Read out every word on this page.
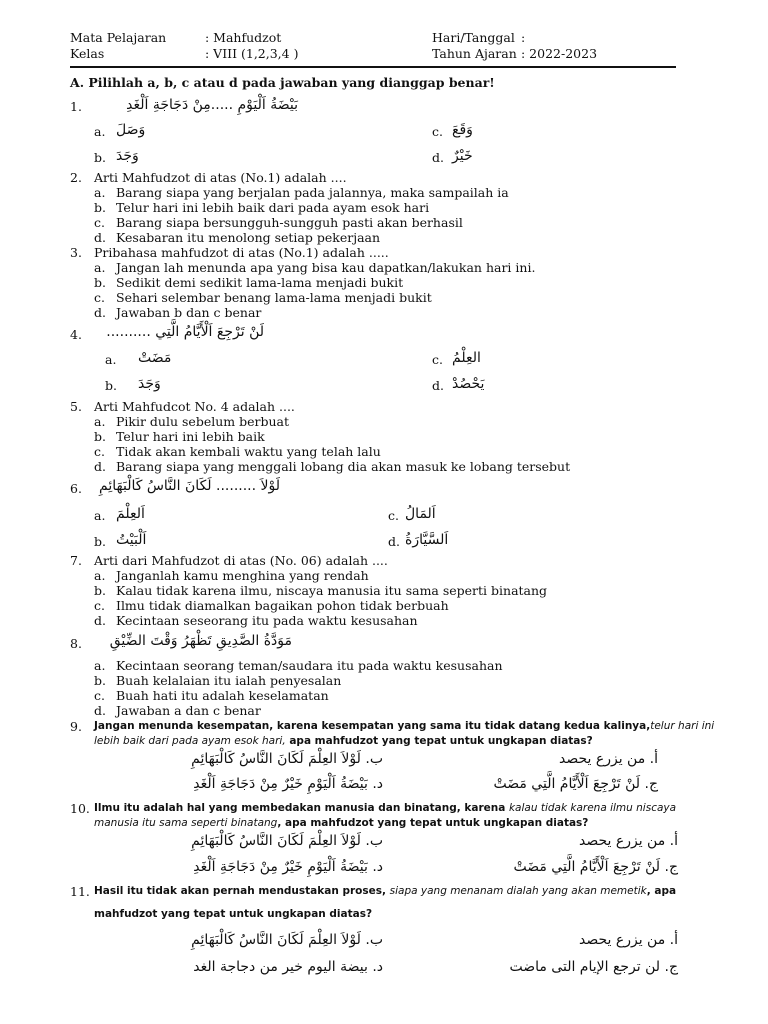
Mata Pelajaran	: Mahfudzot	Hari/Tanggal :
Kelas	: VIII (1,2,3,4 )	Tahun Ajaran : 2022-2023
A. Pilihlah a, b, c atau d pada jawaban yang dianggap benar!
1.	بَيْضَةُ اَلْيَوْمِ .....مِنْ دَجَاجَةِ اَلْغَدِ
a. وَصَلَ	c. وَقَعَ
b. وَجَدَ	d. خَيْرٌ
2. Arti Mahfudzot di atas (No.1) adalah ....
a. Barang siapa yang berjalan pada jalannya, maka sampailah ia
b. Telur hari ini lebih baik dari pada ayam esok hari
c. Barang siapa bersungguh-sungguh pasti akan berhasil
d. Kesabaran itu menolong setiap pekerjaan
3. Pribahasa mahfudzot di atas (No.1) adalah .....
a. Jangan lah menunda apa yang bisa kau dapatkan/lakukan hari ini.
b. Sedikit demi sedikit lama-lama menjadi bukit
c. Sehari selembar benang lama-lama menjadi bukit
d. Jawaban b dan c benar
4. لَنْ تَرْجِعَ اَلْأَيَّامُ الَّتِي ..........
a. مَضَتْ	c. العِلْمُ
b. وَجَدَ	d. يَحْصُدْ
5. Arti Mahfudcot No. 4 adalah ....
a. Pikir dulu sebelum berbuat
b. Telur hari ini lebih baik
c. Tidak akan kembali waktu yang telah lalu
d. Barang siapa yang menggali lobang dia akan masuk ke lobang tersebut
6. لَوْلاَ ......... لَكَانَ النَّاسُ كَالْبَهَائِمِ
a. اَلعِلْمَ	c. اَلمَالُ
b. اَلْبَيْتُ	d. اَلسَّيَّارَةُ
7. Arti dari Mahfudzot di atas (No. 06) adalah ....
a. Janganlah kamu menghina yang rendah
b. Kalau tidak karena ilmu, niscaya manusia itu sama seperti binatang
c. Ilmu tidak diamalkan bagaikan pohon tidak berbuah
d. Kecintaan seseorang itu pada waktu kesusahan
8. مَوَدَّةُ الصَّدِيقِ تَظْهَرُ وَقْتَ الضِّيْقِ
a. Kecintaan seorang teman/saudara itu pada waktu kesusahan
b. Buah kelalaian itu ialah penyesalan
c. Buah hati itu adalah keselamatan
d. Jawaban a dan c benar
9. Jangan menunda kesempatan, karena kesempatan yang sama itu tidak datang kedua kalinya,telur hari ini
lebih baik dari pada ayam esok hari, apa mahfudzot yang tepat untuk ungkapan diatas?
أ. من يزرع يحصد
ب. لَوْلاَ العِلْمَ لَكَانَ النَّاسُ كَالْبَهَائِمِ
ج. لَنْ تَرْجِعَ اَلْأَيَّامُ الَّتِي مَضَتْ
د. بَيْضَةُ اَلْيَوْمِ خَيْرٌ مِنْ دَجَاجَةِ اَلْغَدِ
10. Ilmu itu adalah hal yang membedakan manusia dan binatang, karena kalau tidak karena ilmu niscaya
manusia itu sama seperti binatang, apa mahfudzot yang tepat untuk ungkapan diatas?
أ. من يزرع يحصد
ب. لَوْلاَ العِلْمَ لَكَانَ النَّاسُ كَالْبَهَائِمِ
ج. لَنْ تَرْجِعَ اَلْأَيَّامُ الَّتِي مَضَتْ
د. بَيْضَةُ اَلْيَوْمِ خَيْرٌ مِنْ دَجَاجَةِ اَلْغَدِ
11. Hasil itu tidak akan pernah mendustakan proses, siapa yang menanam dialah yang akan memetik, apa
mahfudzot yang tepat untuk ungkapan diatas?
أ. من يزرع يحصد
ب. لَوْلاَ العِلْمَ لَكَانَ النَّاسُ كَالْبَهَائِمِ
ج. لن ترجع الإيام التى ماضت
د. بيضة اليوم خير من دجاجة الغد
